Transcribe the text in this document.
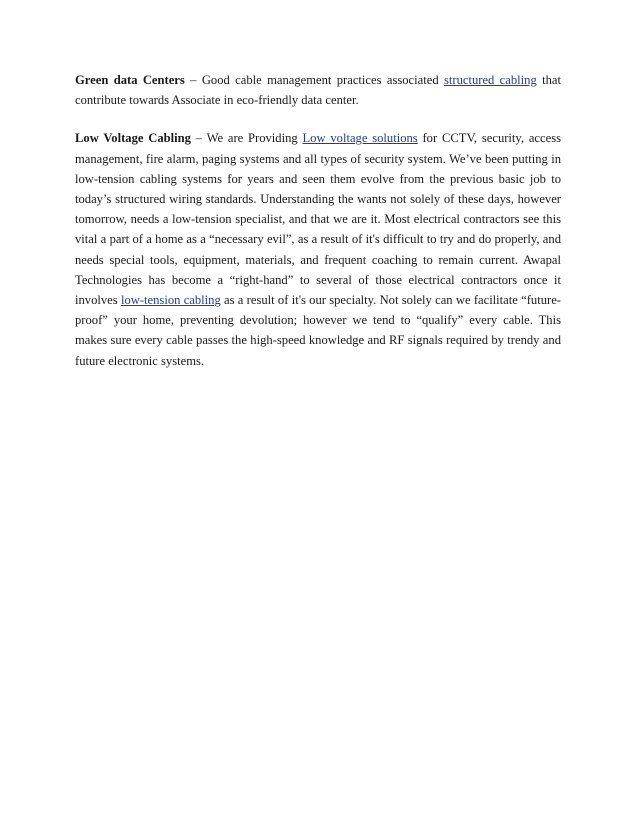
Green data Centers – Good cable management practices associated structured cabling that contribute towards Associate in eco-friendly data center.

Low Voltage Cabling – We are Providing Low voltage solutions for CCTV, security, access management, fire alarm, paging systems and all types of security system. We’ve been putting in low-tension cabling systems for years and seen them evolve from the previous basic job to today’s structured wiring standards. Understanding the wants not solely of these days, however tomorrow, needs a low-tension specialist, and that we are it. Most electrical contractors see this vital a part of a home as a “necessary evil”, as a result of it's difficult to try and do properly, and needs special tools, equipment, materials, and frequent coaching to remain current. Awapal Technologies has become a “right-hand” to several of those electrical contractors once it involves low-tension cabling as a result of it's our specialty. Not solely can we facilitate “future-proof” your home, preventing devolution; however we tend to “qualify” every cable. This makes sure every cable passes the high-speed knowledge and RF signals required by trendy and future electronic systems.
